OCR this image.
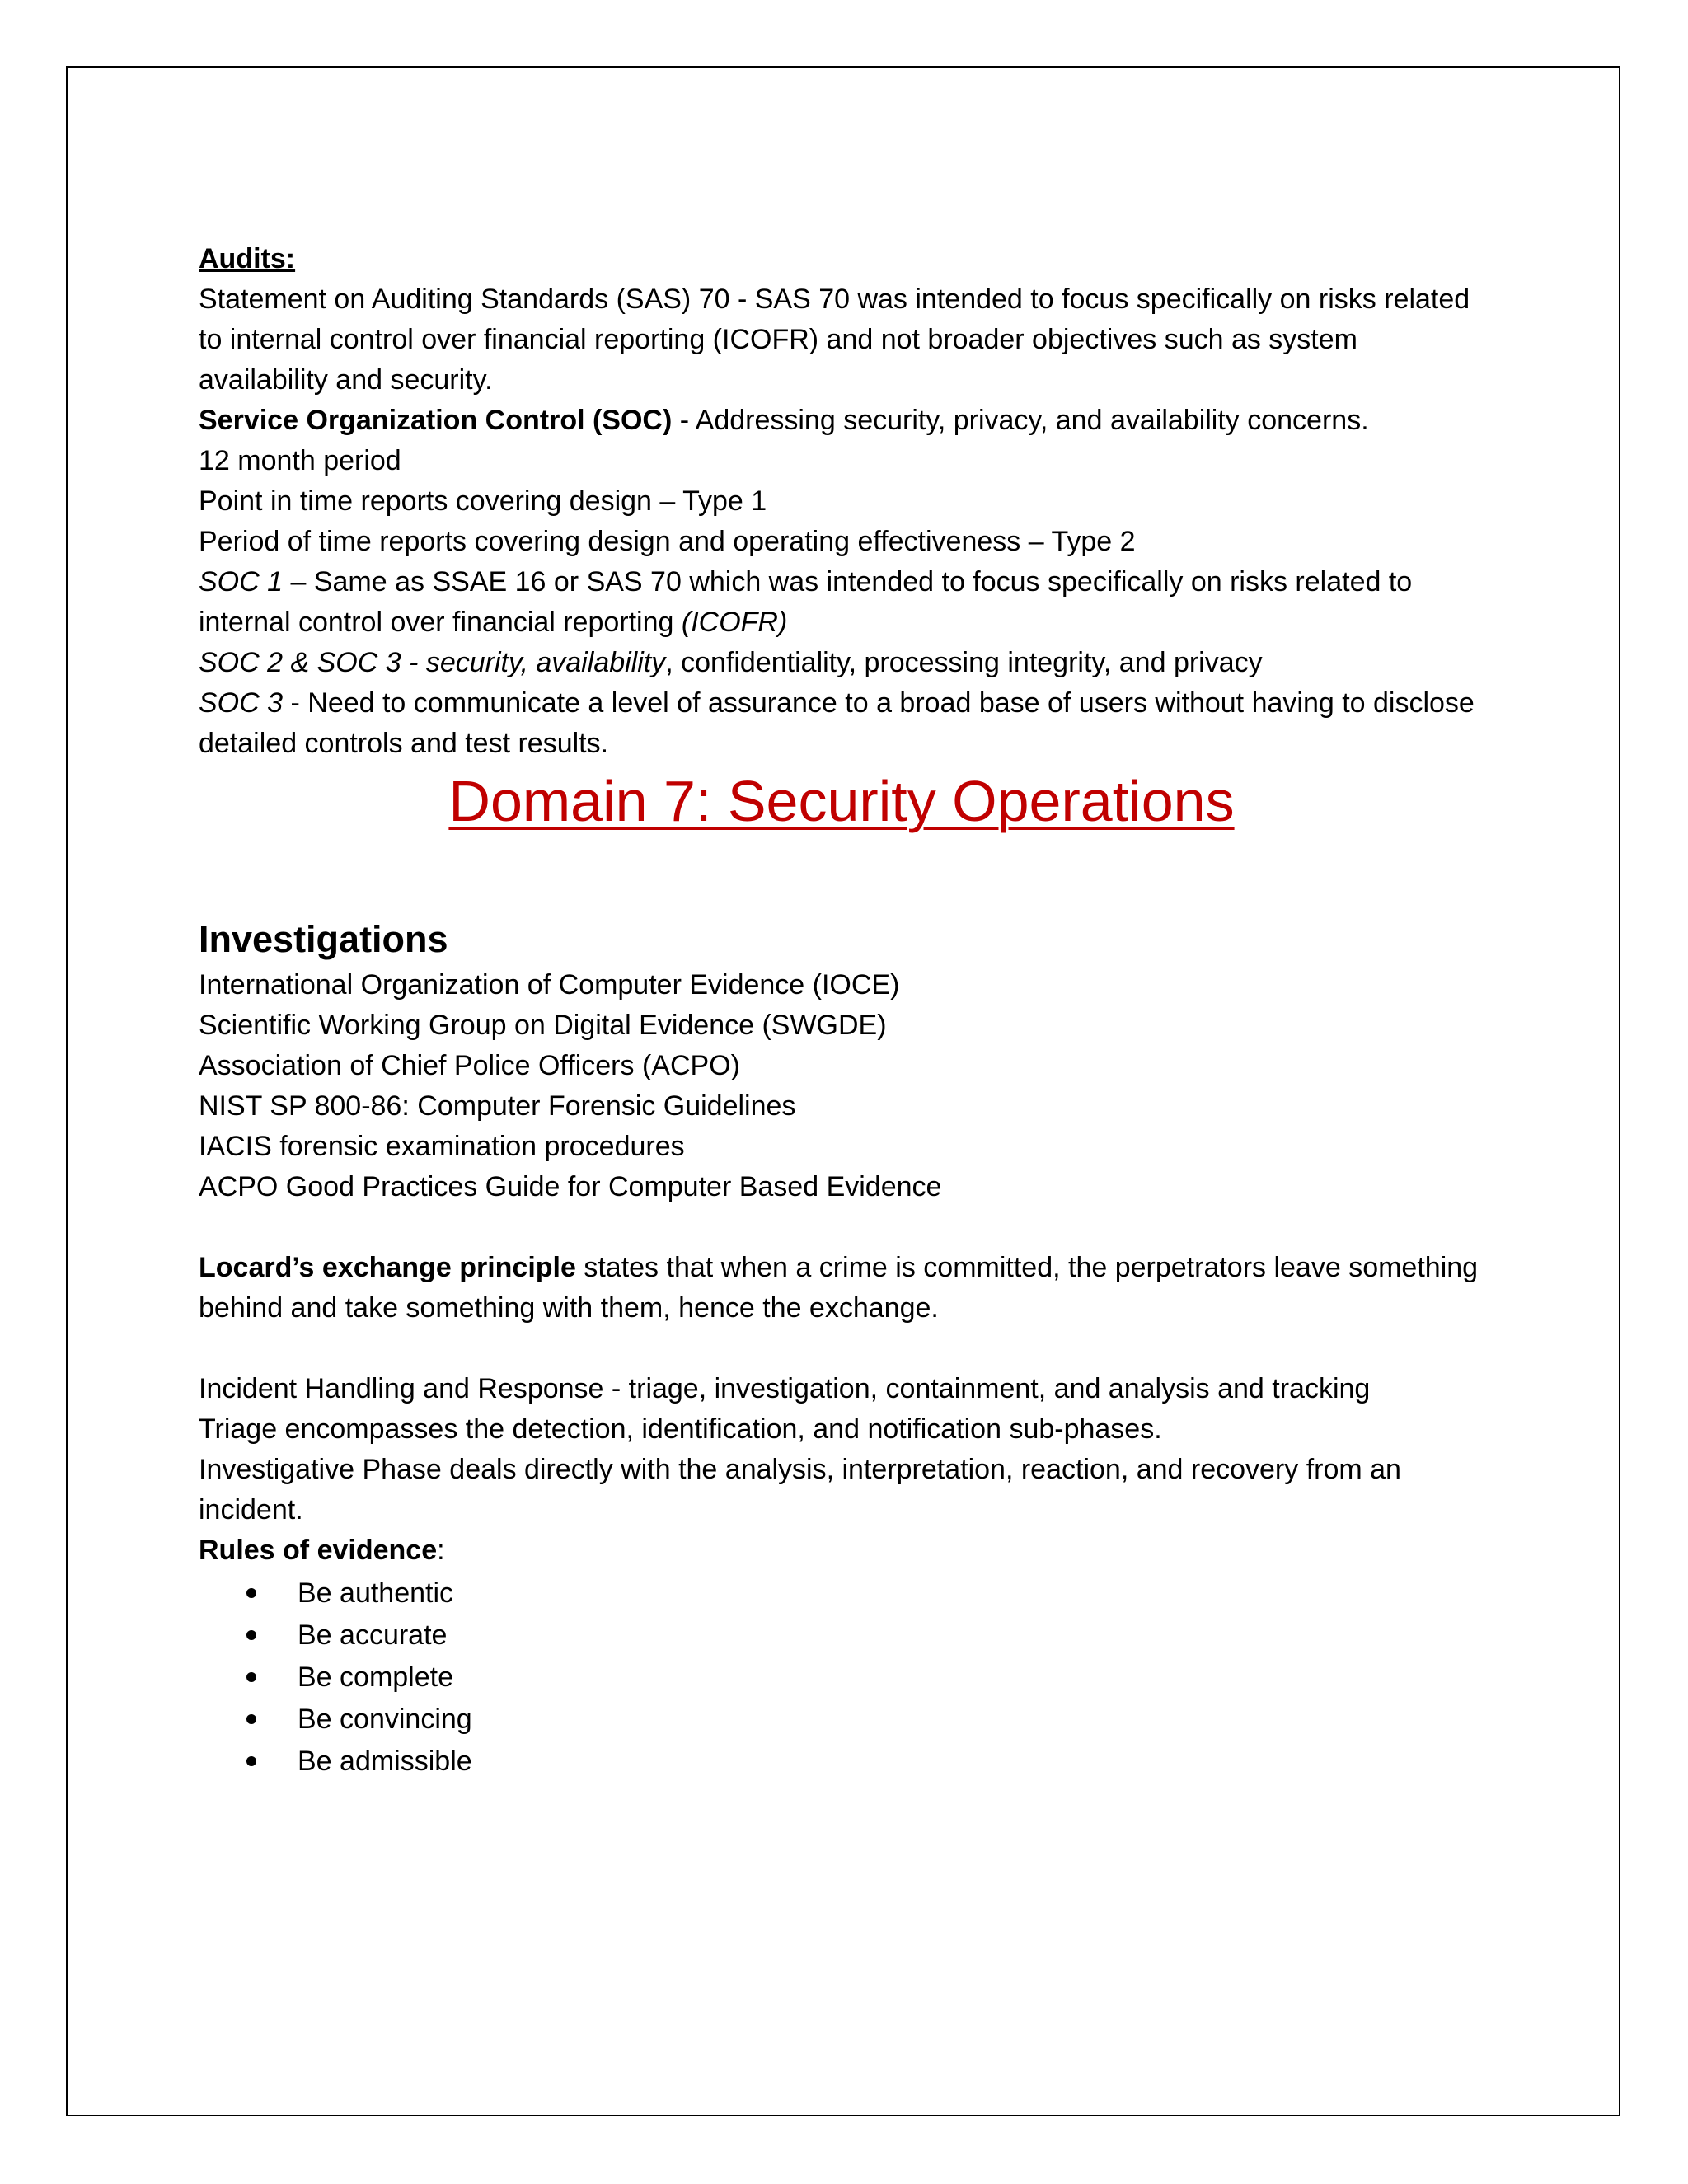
Audits:

Statement on Auditing Standards (SAS) 70 - SAS 70 was intended to focus specifically on risks related to internal control over financial reporting (ICOFR) and not broader objectives such as system availability and security.

Service Organization Control (SOC) - Addressing security, privacy, and availability concerns.

12 month period

Point in time reports covering design – Type 1

Period of time reports covering design and operating effectiveness – Type 2

SOC 1 – Same as SSAE 16 or SAS 70 which was intended to focus specifically on risks related to internal control over financial reporting (ICOFR)

SOC 2 & SOC 3 - security, availability, confidentiality, processing integrity, and privacy

SOC 3 - Need to communicate a level of assurance to a broad base of users without having to disclose detailed controls and test results.

Domain 7: Security Operations

Investigations

International Organization of Computer Evidence (IOCE)

Scientific Working Group on Digital Evidence (SWGDE)

Association of Chief Police Officers (ACPO)

NIST SP 800-86: Computer Forensic Guidelines

IACIS forensic examination procedures

ACPO Good Practices Guide for Computer Based Evidence

Locard’s exchange principle states that when a crime is committed, the perpetrators leave something behind and take something with them, hence the exchange.

Incident Handling and Response - triage, investigation, containment, and analysis and tracking

Triage encompasses the detection, identification, and notification sub-phases.

Investigative Phase deals directly with the analysis, interpretation, reaction, and recovery from an incident.

Rules of evidence:

Be authentic
Be accurate
Be complete
Be convincing
Be admissible
